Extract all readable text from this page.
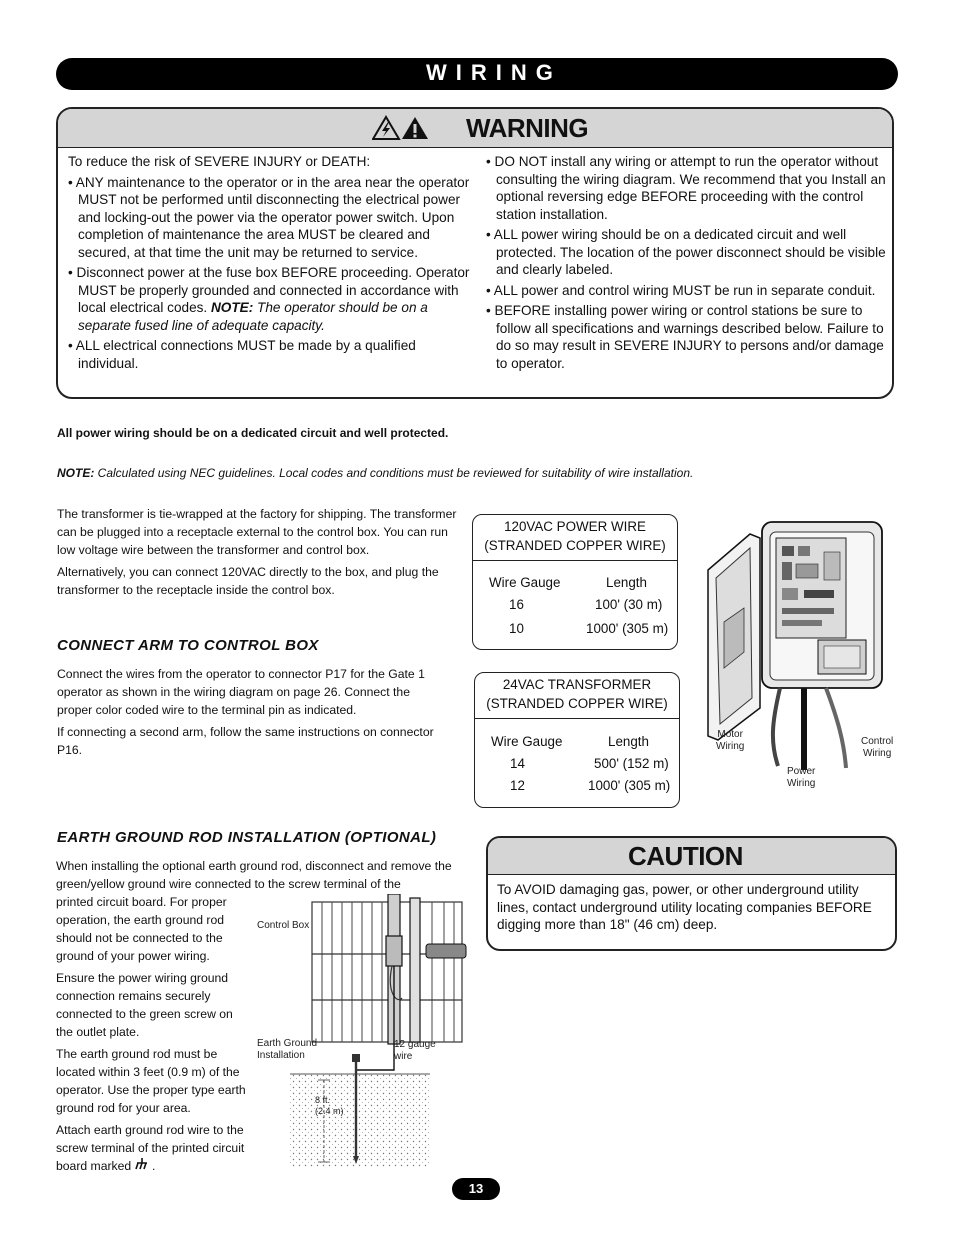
WIRING
WARNING

To reduce the risk of SEVERE INJURY or DEATH:

• ANY maintenance to the operator or in the area near the operator MUST not be performed until disconnecting the electrical power and locking-out the power via the operator power switch. Upon completion of maintenance the area MUST be cleared and secured, at that time the unit may be returned to service.

• Disconnect power at the fuse box BEFORE proceeding. Operator MUST be properly grounded and connected in accordance with local electrical codes. NOTE: The operator should be on a separate fused line of adequate capacity.

• ALL electrical connections MUST be made by a qualified individual.

• DO NOT install any wiring or attempt to run the operator without consulting the wiring diagram. We recommend that you Install an optional reversing edge BEFORE proceeding with the control station installation.

• ALL power wiring should be on a dedicated circuit and well protected. The location of the power disconnect should be visible and clearly labeled.

• ALL power and control wiring MUST be run in separate conduit.

• BEFORE installing power wiring or control stations be sure to follow all specifications and warnings described below. Failure to do so may result in SEVERE INJURY to persons and/or damage to operator.

All power wiring should be on a dedicated circuit and well protected.
NOTE: Calculated using NEC guidelines. Local codes and conditions must be reviewed for suitability of wire installation.

The transformer is tie-wrapped at the factory for shipping. The transformer can be plugged into a receptacle external to the control box. You can run low voltage wire between the transformer and control box.

Alternatively, you can connect 120VAC directly to the box, and plug the transformer to the receptacle inside the control box.

CONNECT ARM TO CONTROL BOX

Connect the wires from the operator to connector P17 for the Gate 1 operator as shown in the wiring diagram on page 26. Connect the proper color coded wire to the terminal pin as indicated.

If connecting a second arm, follow the same instructions on connector P16.

120VAC POWER WIRE
(STRANDED COPPER WIRE)
Wire Gauge	Length
16	100' (30 m)
10	1000' (305 m)
24VAC TRANSFORMER
(STRANDED COPPER WIRE)
Wire Gauge	Length
14	500' (152 m)
12	1000' (305 m)
Motor
Wiring	Control
Wiring
Power
Wiring
EARTH GROUND ROD INSTALLATION (OPTIONAL)
When installing the optional earth ground rod, disconnect and remove the green/yellow ground wire connected to the screw terminal of the

printed circuit board. For proper operation, the earth ground rod should not be connected to the ground of your power wiring.

Ensure the power wiring ground connection remains securely connected to the green screw on the outlet plate.

The earth ground rod must be located within 3 feet (0.9 m) of the operator. Use the proper type earth ground rod for your area.

Attach earth ground rod wire to the screw terminal of the printed circuit board marked .

Control Box
Earth Ground
Installation
12 gauge
wire
8 ft.
(2.4 m)
CAUTION
To AVOID damaging gas, power, or other underground utility lines, contact underground utility locating companies BEFORE digging more than 18" (46 cm) deep.
13
